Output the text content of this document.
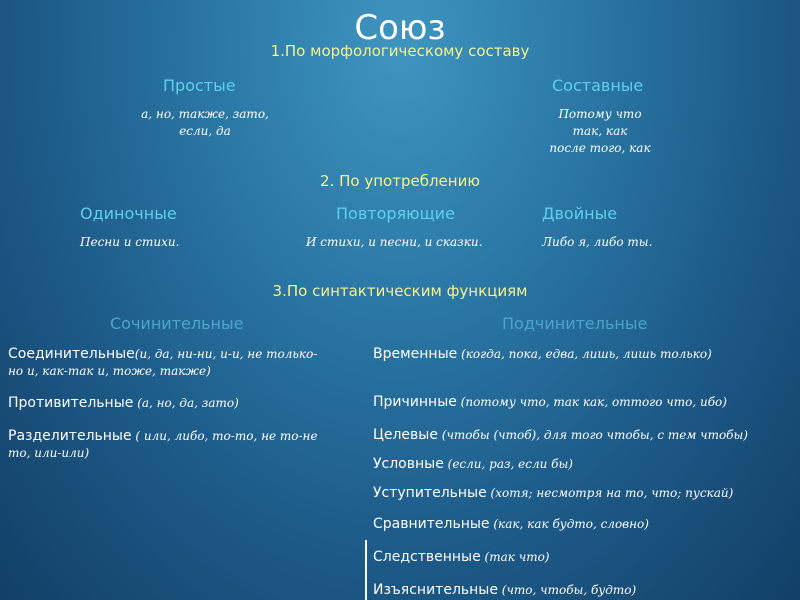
Союз
1.По морфологическому составу
Простые
а, но, также, зато,
если, да
Составные
Потому что
так, как
после того, как
2. По употреблению
Одиночные
Песни и стихи.
Повторяющие
И стихи, и песни, и сказки.
Двойные
Либо я, либо ты.
3.По синтактическим функциям
Сочинительные	Подчинительные
Соединительные(и, да, ни-ни, и-и, не только-
но и, как-так и, тоже, также)
Противительные (а, но, да, зато)
Разделительные ( или, либо, то-то, не то-не
то, или-или)
Временные (когда, пока, едва, лишь, лишь только)
Причинные (потому что, так как, оттого что, ибо)
Целевые (чтобы (чтоб), для того чтобы, с тем чтобы)
Условные (если, раз, если бы)
Уступительные (хотя; несмотря на то, что; пускай)
Сравнительные (как, как будто, словно)
Следственные (так что)
Изъяснительные (что, чтобы, будто)
